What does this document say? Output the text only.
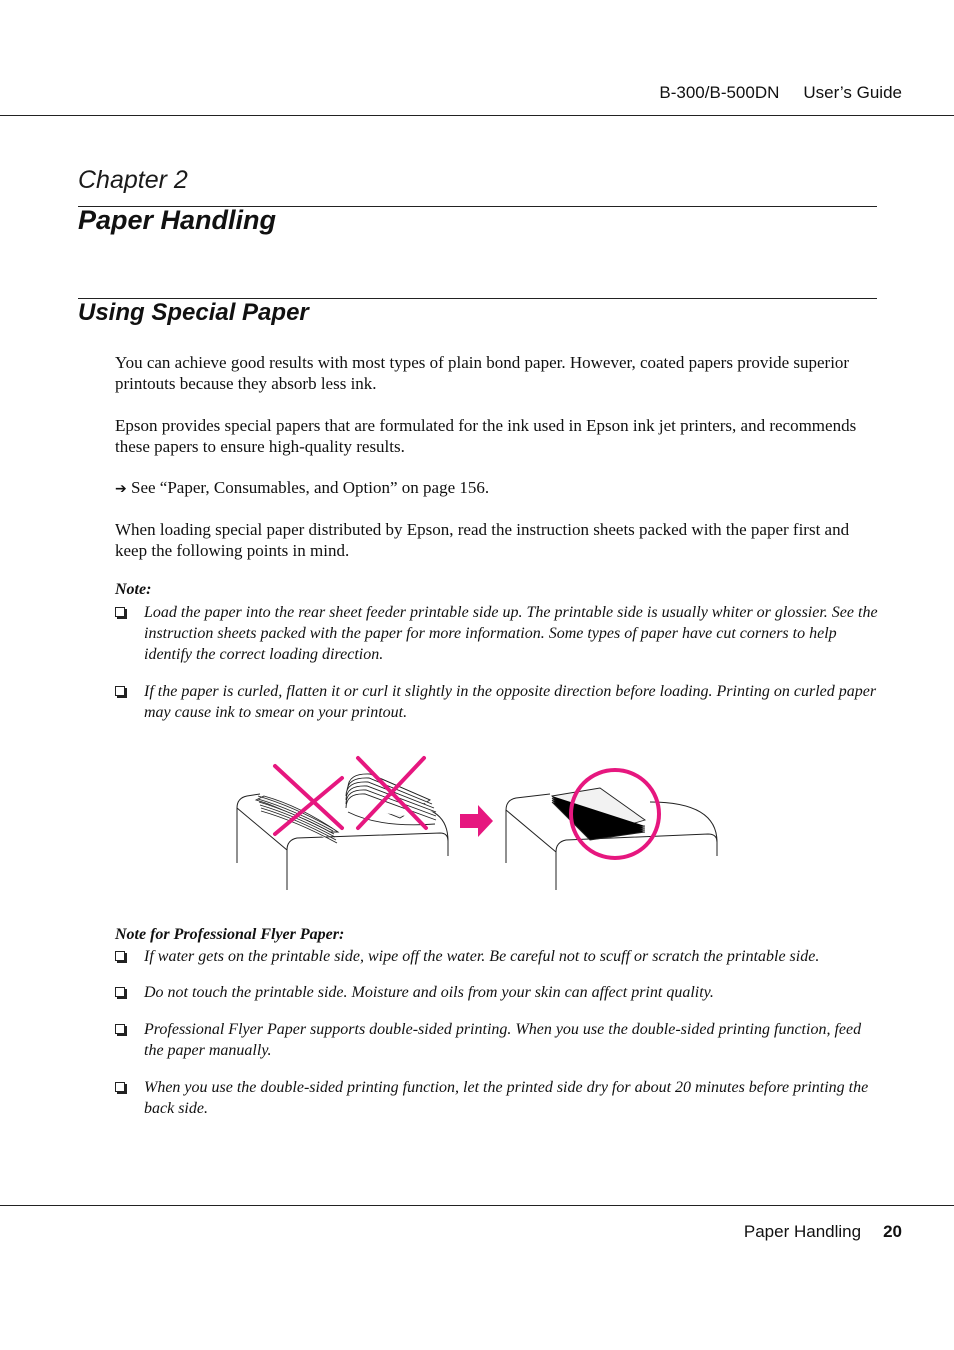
B-300/B-500DN User’s Guide
Chapter 2
Paper Handling
Using Special Paper
You can achieve good results with most types of plain bond paper. However, coated papers provide superior printouts because they absorb less ink.
Epson provides special papers that are formulated for the ink used in Epson ink jet printers, and recommends these papers to ensure high-quality results.
➔ See “Paper, Consumables, and Option” on page 156.
When loading special paper distributed by Epson, read the instruction sheets packed with the paper first and keep the following points in mind.
Note:
Load the paper into the rear sheet feeder printable side up. The printable side is usually whiter or glossier. See the instruction sheets packed with the paper for more information. Some types of paper have cut corners to help identify the correct loading direction.
If the paper is curled, flatten it or curl it slightly in the opposite direction before loading. Printing on curled paper may cause ink to smear on your printout.
Note for Professional Flyer Paper:
If water gets on the printable side, wipe off the water. Be careful not to scuff or scratch the printable side.
Do not touch the printable side. Moisture and oils from your skin can affect print quality.
Professional Flyer Paper supports double-sided printing. When you use the double-sided printing function, feed the paper manually.
When you use the double-sided printing function, let the printed side dry for about 20 minutes before printing the back side.
Paper Handling 20
